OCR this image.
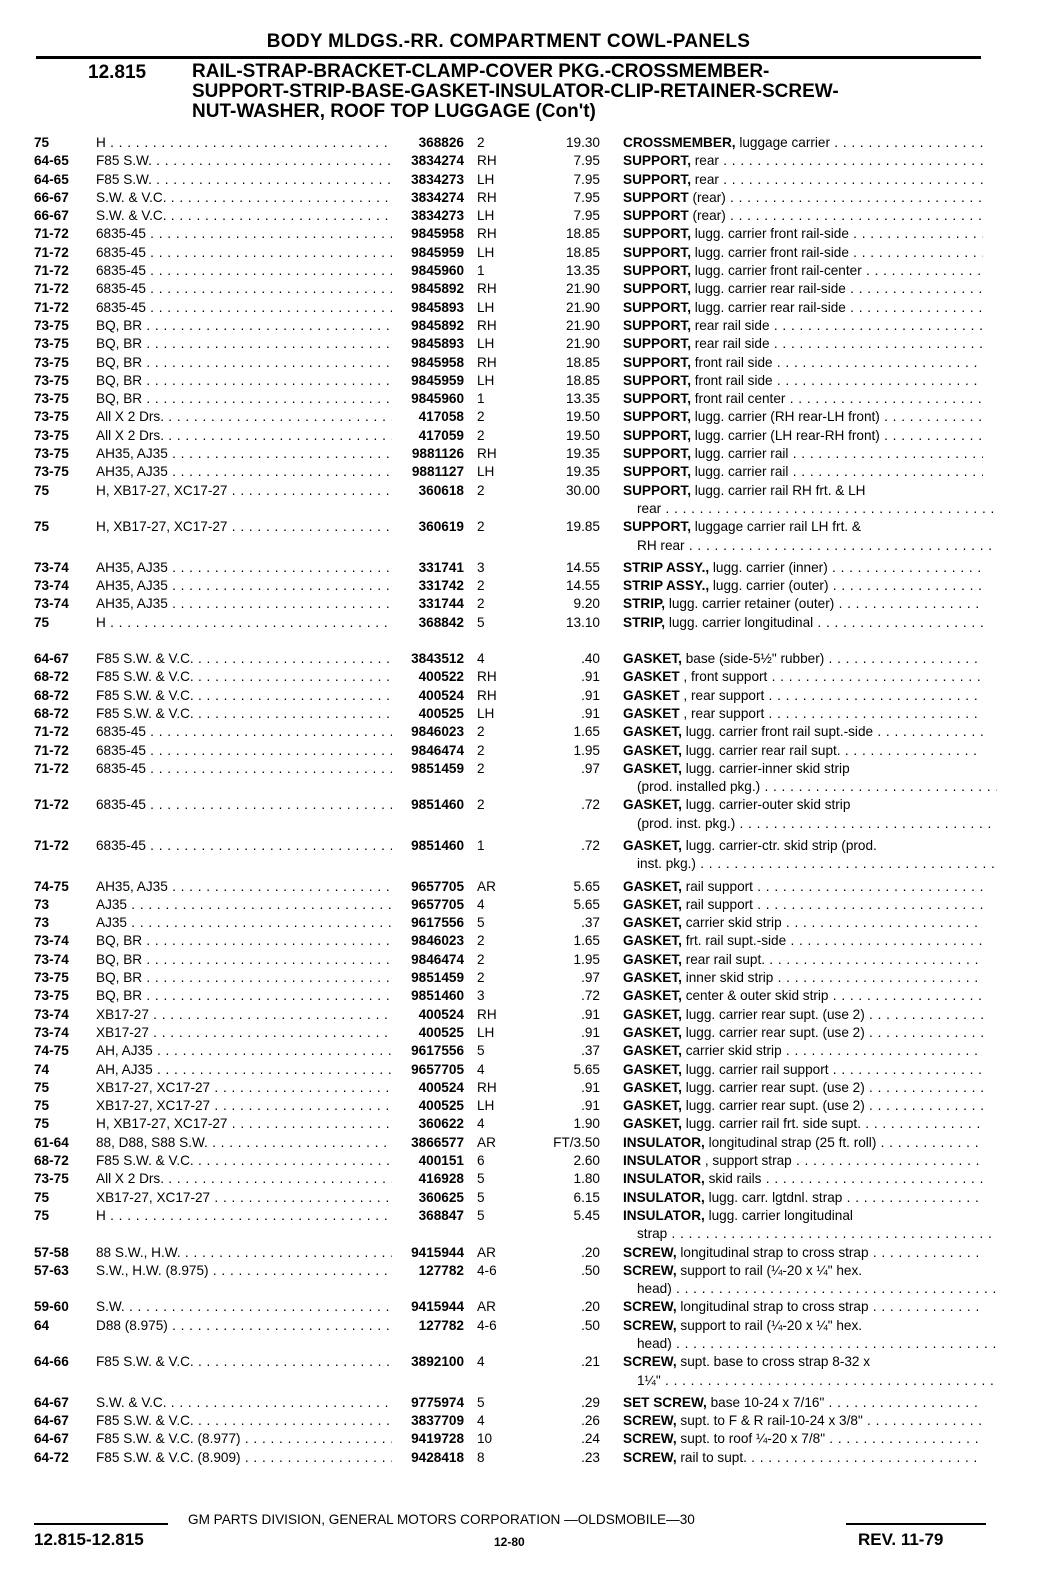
BODY MLDGS.-RR. COMPARTMENT COWL-PANELS
12.815 RAIL-STRAP-BRACKET-CLAMP-COVER PKG.-CROSSMEMBER-
SUPPORT-STRIP-BASE-GASKET-INSULATOR-CLIP-RETAINER-SCREW-
NUT-WASHER, ROOF TOP LUGGAGE (Con't)
75	H . . .	368826 2	19.30 CROSSMEMBER, luggage carrier . . .
64-65 F85 S.W. . . .	3834274 RH	7.95 SUPPORT, rear . . .
64-65 F85 S.W. . . .	3834273 LH	7.95 SUPPORT, rear . . .
66-67 S.W. & V.C. . . .	3834274 RH	7.95 SUPPORT (rear) . . .
66-67 S.W. & V.C. . . .	3834273 LH	7.95 SUPPORT (rear) . . .
71-72 6835-45 . . .	9845958 RH	18.85 SUPPORT, lugg. carrier front rail-side . . .
71-72 6835-45 . . .	9845959 LH	18.85 SUPPORT, lugg. carrier front rail-side . . .
71-72 6835-45 . . .	9845960 1	13.35 SUPPORT, lugg. carrier front rail-center . . .
71-72 6835-45 . . .	9845892 RH	21.90 SUPPORT, lugg. carrier rear rail-side . . .
71-72 6835-45 . . .	9845893 LH	21.90 SUPPORT, lugg. carrier rear rail-side . . .
73-75 BQ, BR . . .	9845892 RH	21.90 SUPPORT, rear rail side . . .
73-75 BQ, BR . . .	9845893 LH	21.90 SUPPORT, rear rail side . . .
73-75 BQ, BR . . .	9845958 RH	18.85 SUPPORT, front rail side . . .
73-75 BQ, BR . . .	9845959 LH	18.85 SUPPORT, front rail side . . .
73-75 BQ, BR . . .	9845960 1	13.35 SUPPORT, front rail center . . .
73-75 All X 2 Drs. . . .	417058 2	19.50 SUPPORT, lugg. carrier (RH rear-LH front) . . .
73-75 All X 2 Drs. . . .	417059 2	19.50 SUPPORT, lugg. carrier (LH rear-RH front) . . .
73-75 AH35, AJ35 . . .	9881126 RH	19.35 SUPPORT, lugg. carrier rail . . .
73-75 AH35, AJ35 . . .	9881127 LH	19.35 SUPPORT, lugg. carrier rail . . .
75	H, XB17-27, XC17-27 . . .	360618 2	30.00 SUPPORT, lugg. carrier rail RH frt. & LH
rear . . .
75	H, XB17-27, XC17-27 . . .	360619 2	19.85 SUPPORT, luggage carrier rail LH frt. &
RH rear . . .
73-74 AH35, AJ35 . . .	331741 3	14.55 STRIP ASSY., lugg. carrier (inner) . . .
73-74 AH35, AJ35 . . .	331742 2	14.55 STRIP ASSY., lugg. carrier (outer) . . .
73-74 AH35, AJ35 . . .	331744 2	9.20 STRIP, lugg. carrier retainer (outer) . . .
75	H . . .	368842 5	13.10 STRIP, lugg. carrier longitudinal . . .
64-67 F85 S.W. & V.C. . . .	3843512 4	.40 GASKET, base (side-5½" rubber) . . .
68-72 F85 S.W. & V.C. . . .	400522 RH	.91 GASKET , front support . . .
68-72 F85 S.W. & V.C. . . .	400524 RH	.91 GASKET , rear support . . .
68-72 F85 S.W. & V.C. . . .	400525 LH	.91 GASKET , rear support . . .
71-72 6835-45 . . .	9846023 2	1.65 GASKET, lugg. carrier front rail supt.-side . . .
71-72 6835-45 . . .	9846474 2	1.95 GASKET, lugg. carrier rear rail supt. . . .
71-72 6835-45 . . .	9851459 2	.97 GASKET, lugg. carrier-inner skid strip
(prod. installed pkg.) . . .
71-72 6835-45 . . .	9851460 2	.72 GASKET, lugg. carrier-outer skid strip
(prod. inst. pkg.) . . .
71-72 6835-45 . . .	9851460 1	.72 GASKET, lugg. carrier-ctr. skid strip (prod.
inst. pkg.) . . .
74-75 AH35, AJ35 . . .	9657705 AR	5.65 GASKET, rail support . . .
73	AJ35 . . .	9657705 4	5.65 GASKET, rail support . . .
73	AJ35 . . .	9617556 5	.37 GASKET, carrier skid strip . . .
73-74 BQ, BR . . .	9846023 2	1.65 GASKET, frt. rail supt.-side . . .
73-74 BQ, BR . . .	9846474 2	1.95 GASKET, rear rail supt. . . .
73-75 BQ, BR . . .	9851459 2	.97 GASKET, inner skid strip . . .
73-75 BQ, BR . . .	9851460 3	.72 GASKET, center & outer skid strip . . .
73-74 XB17-27 . . .	400524 RH	.91 GASKET, lugg. carrier rear supt. (use 2) . . .
73-74 XB17-27 . . .	400525 LH	.91 GASKET, lugg. carrier rear supt. (use 2) . . .
74-75 AH, AJ35 . . .	9617556 5	.37 GASKET, carrier skid strip . . .
74	AH, AJ35 . . .	9657705 4	5.65 GASKET, lugg. carrier rail support . . .
75	XB17-27, XC17-27 . . .	400524 RH	.91 GASKET, lugg. carrier rear supt. (use 2) . . .
75	XB17-27, XC17-27 . . .	400525 LH	.91 GASKET, lugg. carrier rear supt. (use 2) . . .
75	H, XB17-27, XC17-27 . . .	360622 4	1.90 GASKET, lugg. carrier rail frt. side supt. . . .
61-64 88, D88, S88 S.W. . . .	3866577 AR	FT/3.50 INSULATOR, longitudinal strap (25 ft. roll) . . .
68-72 F85 S.W. & V.C. . . .	400151 6	2.60 INSULATOR , support strap . . .
73-75 All X 2 Drs. . . .	416928 5	1.80 INSULATOR, skid rails . . .
75	XB17-27, XC17-27 . . .	360625 5	6.15 INSULATOR, lugg. carr. lgtdnl. strap . . .
75	H . . .	368847 5	5.45 INSULATOR, lugg. carrier longitudinal
strap . . .
57-58 88 S.W., H.W. . . .	9415944 AR	.20 SCREW, longitudinal strap to cross strap . . .
57-63 S.W., H.W. (8.975) . . .	127782 4-6	.50 SCREW, support to rail (¼-20 x ¼" hex.
head) . . .
59-60 S.W. . . .	9415944 AR	.20 SCREW, longitudinal strap to cross strap . . .
64	D88 (8.975) . . .	127782 4-6	.50 SCREW, support to rail (¼-20 x ¼" hex.
head) . . .
64-66 F85 S.W. & V.C. . . .	3892100 4	.21 SCREW, supt. base to cross strap 8-32 x
1¼" . . .
64-67 S.W. & V.C. . . .	9775974 5	.29 SET SCREW, base 10-24 x 7/16" . . .
64-67 F85 S.W. & V.C. . . .	3837709 4	.26 SCREW, supt. to F & R rail-10-24 x 3/8" . . .
64-67 F85 S.W. & V.C. (8.977) . . .	9419728 10	.24 SCREW, supt. to roof ¼-20 x 7/8" . . .
64-72 F85 S.W. & V.C. (8.909) . . .	9428418 8	.23 SCREW, rail to supt. . . .
GM PARTS DIVISION, GENERAL MOTORS CORPORATION —OLDSMOBILE—30
12.815-12.815	12-80	REV. 11-79
